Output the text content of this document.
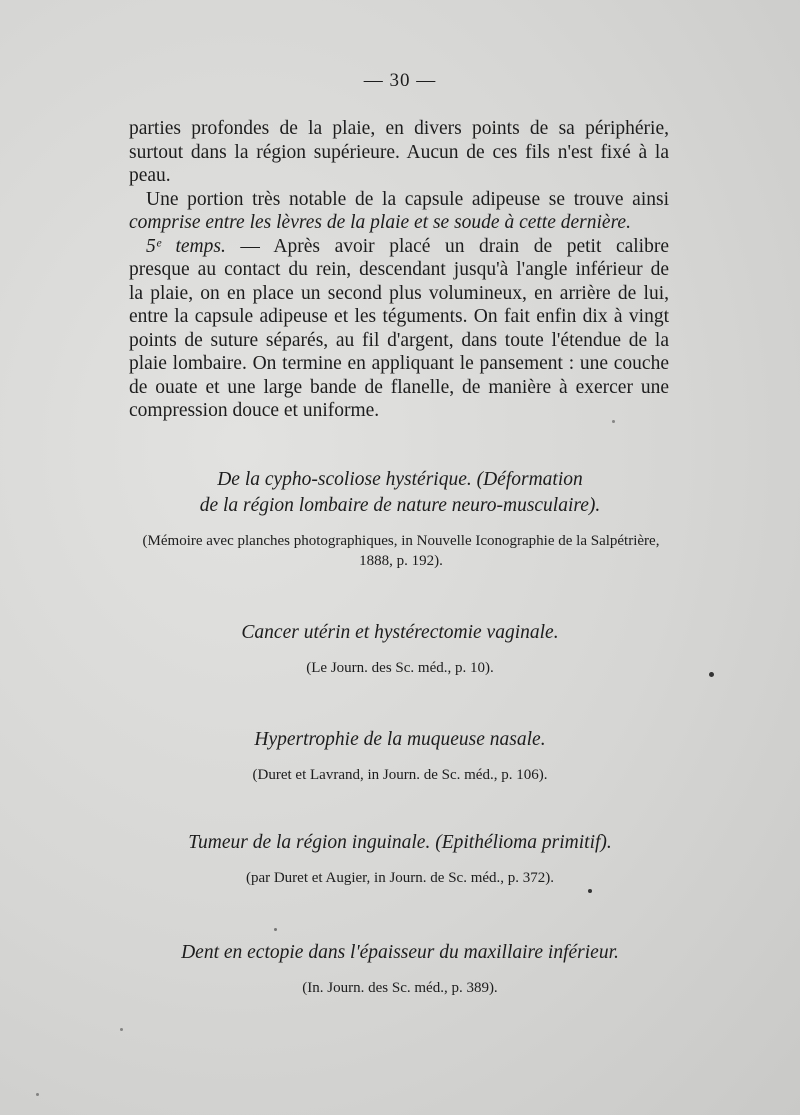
— 30 —

parties profondes de la plaie, en divers points de sa périphérie,
surtout dans la région supérieure. Aucun de ces fils n'est fixé à la
peau.

Une portion très notable de la capsule adipeuse se trouve ainsi
comprise entre les lèvres de la plaie et se soude à cette dernière.

5ᵉ temps. — Après avoir placé un drain de petit calibre
presque au contact du rein, descendant jusqu'à l'angle inférieur de
la plaie, on en place un second plus volumineux, en arrière de lui,
entre la capsule adipeuse et les téguments. On fait enfin dix à vingt
points de suture séparés, au fil d'argent, dans toute l'étendue de la
plaie lombaire. On termine en appliquant le pansement : une couche
de ouate et une large bande de flanelle, de manière à exercer une
compression douce et uniforme.

De la cypho-scoliose hystérique. (Déformation
de la région lombaire de nature neuro-musculaire).
(Mémoire avec planches photographiques, in Nouvelle Iconographie de la Salpétrière, 1888, p. 192).
Cancer utérin et hystérectomie vaginale.
(Le Journ. des Sc. méd., p. 10).
Hypertrophie de la muqueuse nasale.
(Duret et Lavrand, in Journ. de Sc. méd., p. 106).
Tumeur de la région inguinale. (Epithélioma primitif).
(par Duret et Augier, in Journ. de Sc. méd., p. 372).
Dent en ectopie dans l'épaisseur du maxillaire inférieur.
(In. Journ. des Sc. méd., p. 389).
